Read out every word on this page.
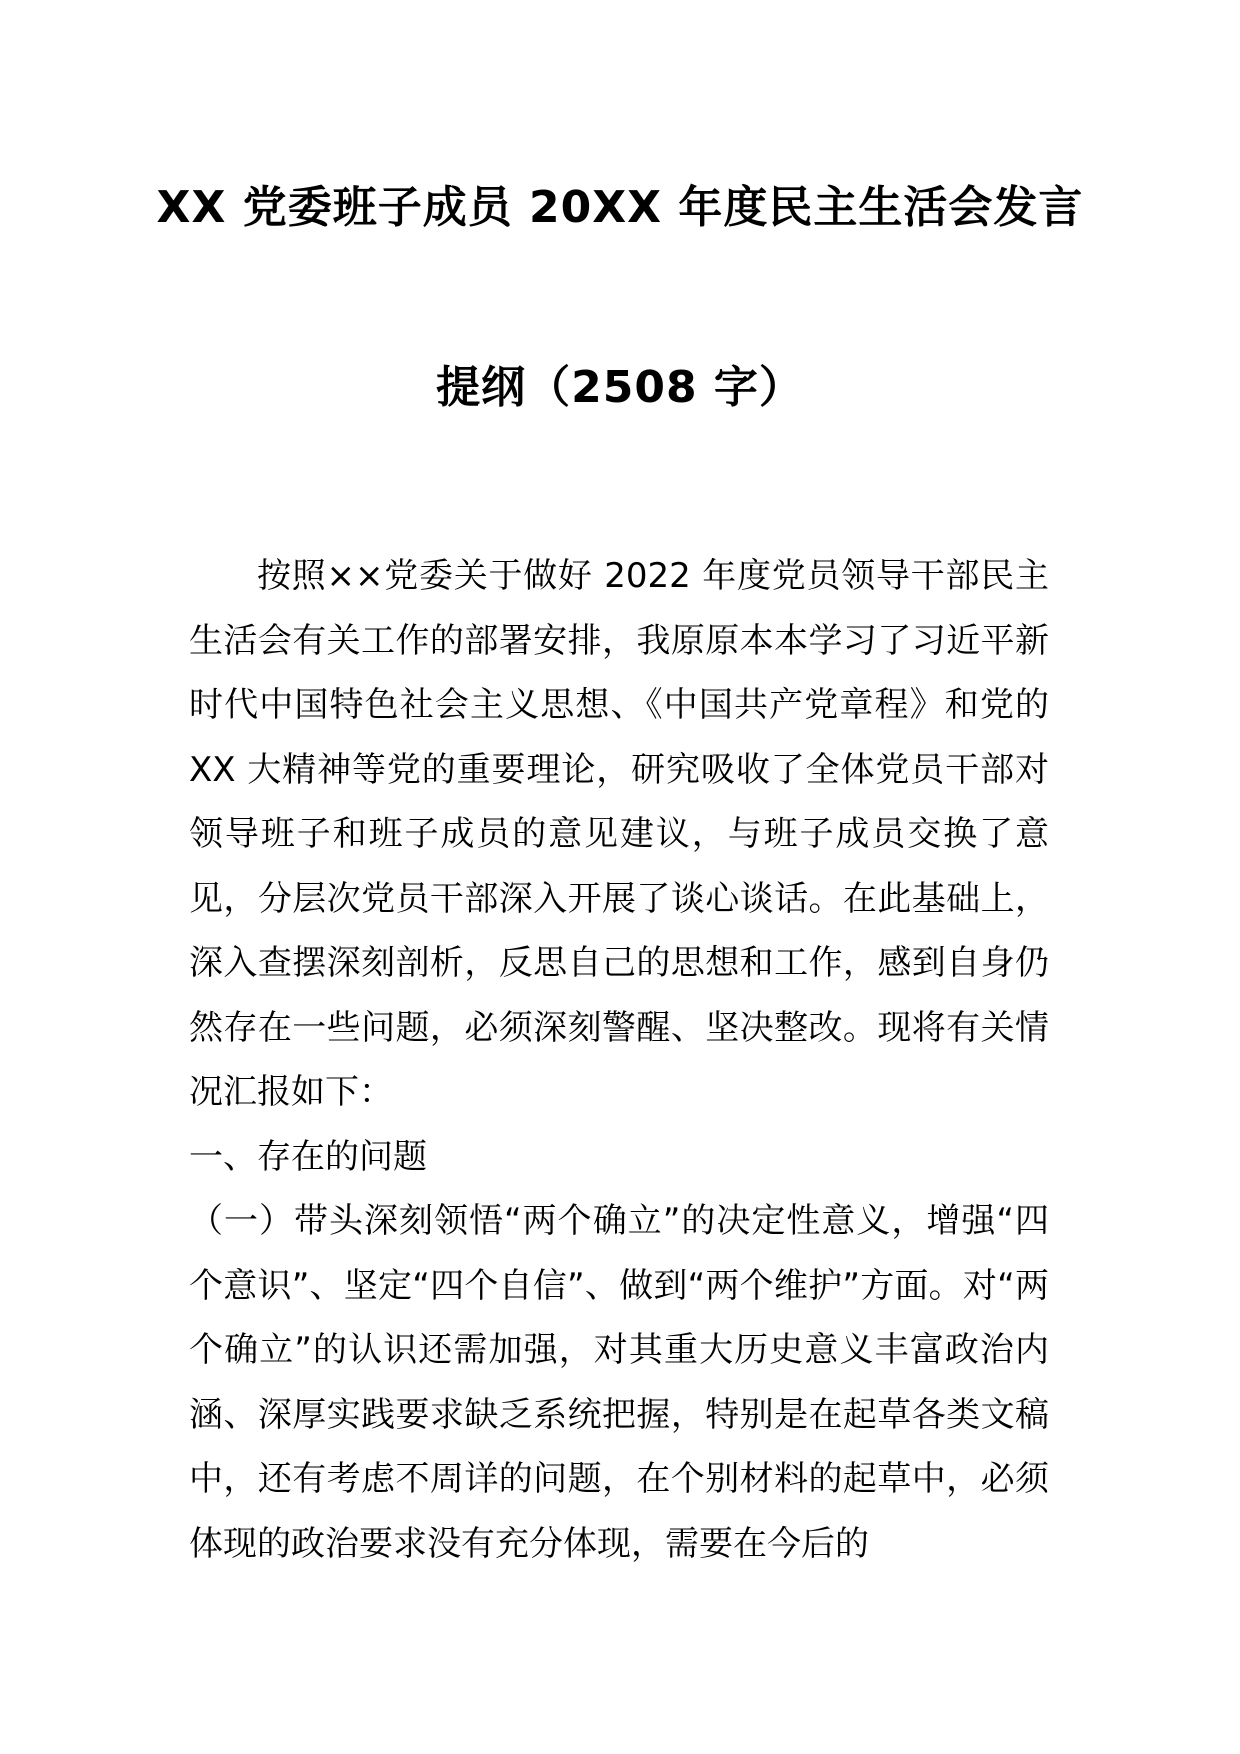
XX 党委班子成员 20XX 年度民主生活会发言
提纲（2508 字）

按照××党委关于做好 2022 年度党员领导干部民主生活会有关工作的部署安排，我原原本本学习了习近平新时代中国特色社会主义思想、《中国共产党章程》和党的 XX 大精神等党的重要理论，研究吸收了全体党员干部对领导班子和班子成员的意见建议，与班子成员交换了意见，分层次党员干部深入开展了谈心谈话。在此基础上，深入查摆深刻剖析，反思自己的思想和工作，感到自身仍然存在一些问题，必须深刻警醒、坚决整改。现将有关情况汇报如下：

一、存在的问题

（一）带头深刻领悟“两个确立”的决定性意义，增强“四个意识”、坚定“四个自信”、做到“两个维护”方面。对“两个确立”的认识还需加强，对其重大历史意义丰富政治内涵、深厚实践要求缺乏系统把握，特别是在起草各类文稿中，还有考虑不周详的问题，在个别材料的起草中，必须体现的政治要求没有充分体现，需要在今后的
